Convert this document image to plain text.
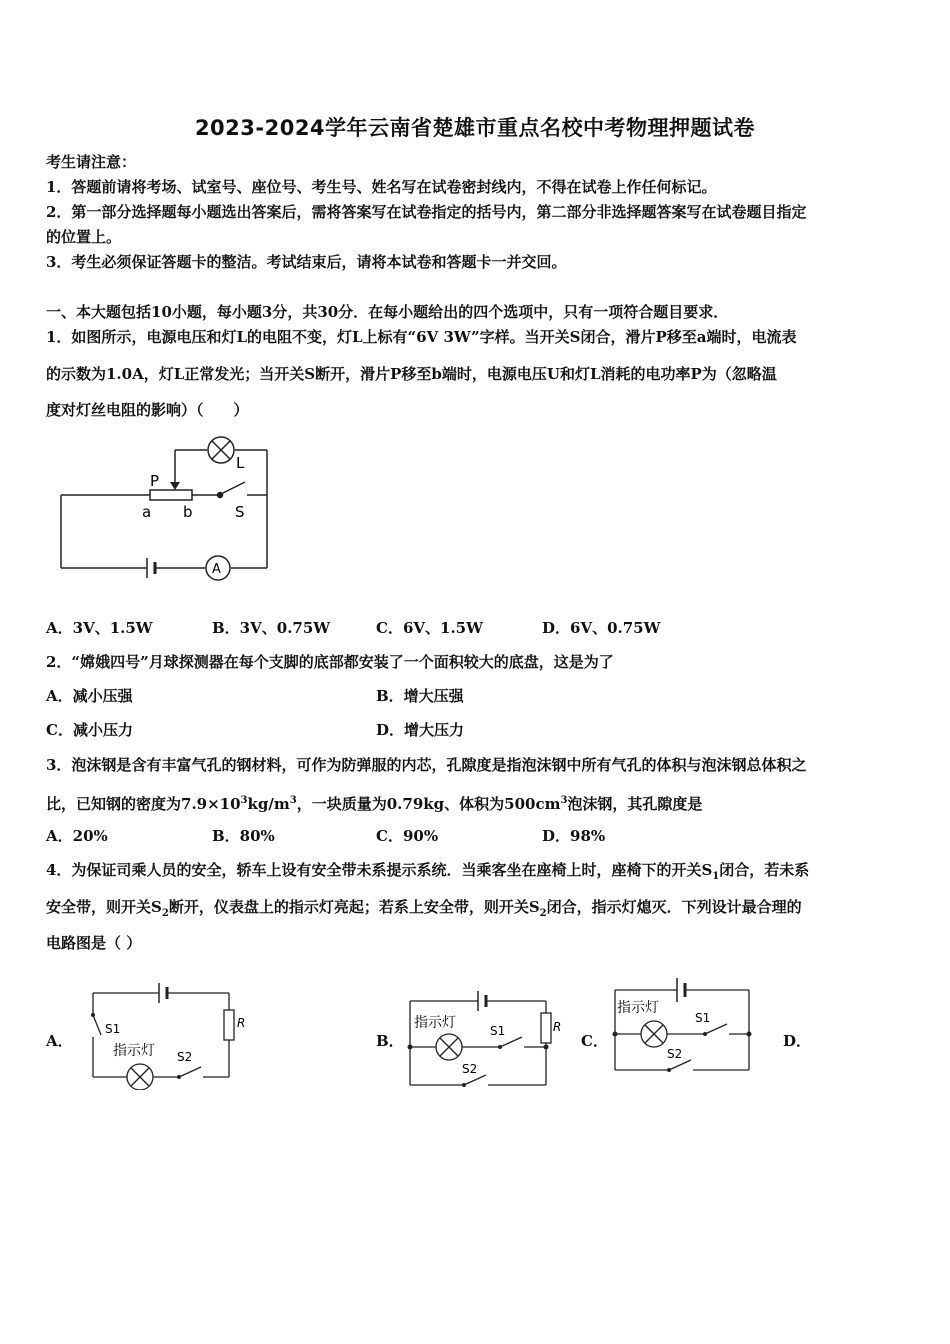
2023-2024学年云南省楚雄市重点名校中考物理押题试卷
考生请注意：
1．答题前请将考场、试室号、座位号、考生号、姓名写在试卷密封线内，不得在试卷上作任何标记。
2．第一部分选择题每小题选出答案后，需将答案写在试卷指定的括号内，第二部分非选择题答案写在试卷题目指定
的位置上。
3．考生必须保证答题卡的整洁。考试结束后，请将本试卷和答题卡一并交回。
一、本大题包括10小题，每小题3分，共30分．在每小题给出的四个选项中，只有一项符合题目要求．
1．如图所示，电源电压和灯L的电阻不变，灯L上标有“6V 3W”字样。当开关S闭合，滑片P移至a端时，电流表
的示数为1.0A，灯L正常发光；当开关S断开，滑片P移至b端时，电源电压U和灯L消耗的电功率P为（忽略温
度对灯丝电阻的影响）（　　）
P
a b
L
S
A
A．3V、1.5W	B．3V、0.75W	C．6V、1.5W	D．6V、0.75W
2．“嫦娥四号”月球探测器在每个支脚的底部都安装了一个面积较大的底盘，这是为了
A．减小压强	B．增大压强
C．减小压力	D．增大压力
3．泡沫钢是含有丰富气孔的钢材料，可作为防弹服的内芯，孔隙度是指泡沫钢中所有气孔的体积与泡沫钢总体积之
比，已知钢的密度为$7.9\times 10^3kg/m^3$，一块质量为0.79kg、体积为$500cm^3$泡沫钢，其孔隙度是
A．20%	B．80%	C．90%	D．98%
4．为保证司乘人员的安全，轿车上设有安全带未系提示系统．当乘客坐在座椅上时，座椅下的开关$S_1$闭合，若未系
安全带，则开关$S_2$断开，仪表盘上的指示灯亮起；若系上安全带，则开关$S_2$闭合，指示灯熄灭．下列设计最合理的
电路图是（ ）
A．	B．	C．	D．
S1
指示灯 S2
R	指示灯	S1
S2
R
指示灯
S1
S2
